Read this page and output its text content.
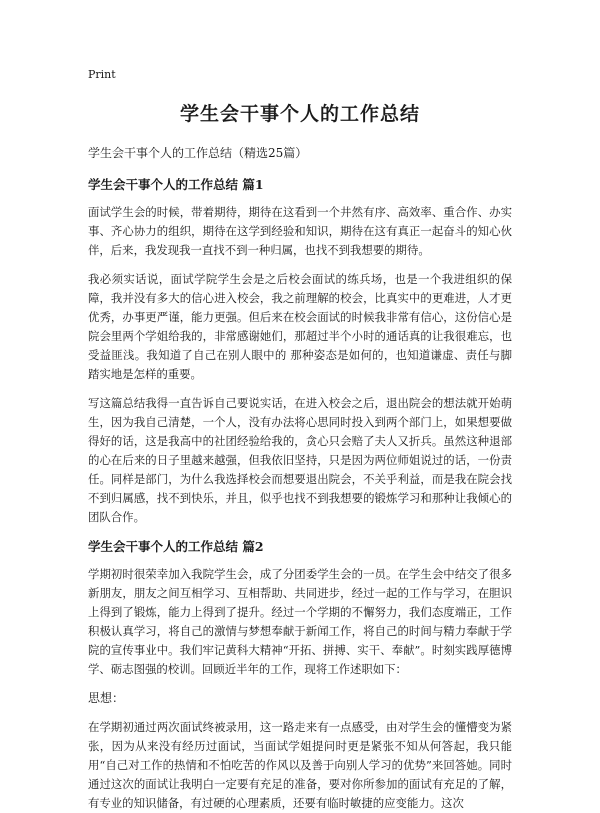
Print
学生会干事个人的工作总结
学生会干事个人的工作总结（精选25篇）
学生会干事个人的工作总结 篇1

面试学生会的时候，带着期待，期待在这看到一个井然有序、高效率、重合作、办实事、齐心协力的组织，期待在这学到经验和知识，期待在这有真正一起奋斗的知心伙伴，后来，我发现我一直找不到一种归属，也找不到我想要的期待。

我必须实话说，面试学院学生会是之后校会面试的练兵场，也是一个我进组织的保障，我并没有多大的信心进入校会，我之前理解的校会，比真实中的更难进，人才更优秀，办事更严谨，能力更强。但后来在校会面试的时候我非常有信心，这份信心是院会里两个学姐给我的，非常感谢她们，那超过半个小时的通话真的让我很难忘，也受益匪浅。我知道了自己在别人眼中的 那种姿态是如何的，也知道谦虚、责任与脚踏实地是怎样的重要。

写这篇总结我得一直告诉自己要说实话，在进入校会之后，退出院会的想法就开始萌生，因为我自己清楚，一个人，没有办法将心思同时投入到两个部门上，如果想要做得好的话，这是我高中的社团经验给我的，贪心只会赔了夫人又折兵。虽然这种退部的心在后来的日子里越来越强，但我依旧坚持，只是因为两位师姐说过的话，一份责任。同样是部门，为什么我选择校会而想要退出院会，不关乎利益，而是我在院会找不到归属感，找不到快乐，并且，似乎也找不到我想要的锻炼学习和那种让我倾心的团队合作。

学生会干事个人的工作总结 篇2

学期初时很荣幸加入我院学生会，成了分团委学生会的一员。在学生会中结交了很多新朋友，朋友之间互相学习、互相帮助、共同进步，经过一起的工作与学习，在胆识上得到了锻炼，能力上得到了提升。经过一个学期的不懈努力，我们态度端正，工作积极认真学习，将自己的激情与梦想奉献于新闻工作，将自己的时间与精力奉献于学院的宣传事业中。我们牢记黄科大精神“开拓、拼搏、实干、奉献”。时刻实践厚德博学、砺志图强的校训。回顾近半年的工作，现将工作述职如下：

思想：

在学期初通过两次面试终被录用，这一路走来有一点感受，由对学生会的懂懵变为紧张，因为从来没有经历过面试，当面试学姐提问时更是紧张不知从何答起，我只能用“自己对工作的热情和不怕吃苦的作风以及善于向别人学习的优势”来回答她。同时通过这次的面试让我明白一定要有充足的准备，要对你所参加的面试有充足的了解，有专业的知识储备，有过硬的心理素质，还要有临时敏捷的应变能力。这次
